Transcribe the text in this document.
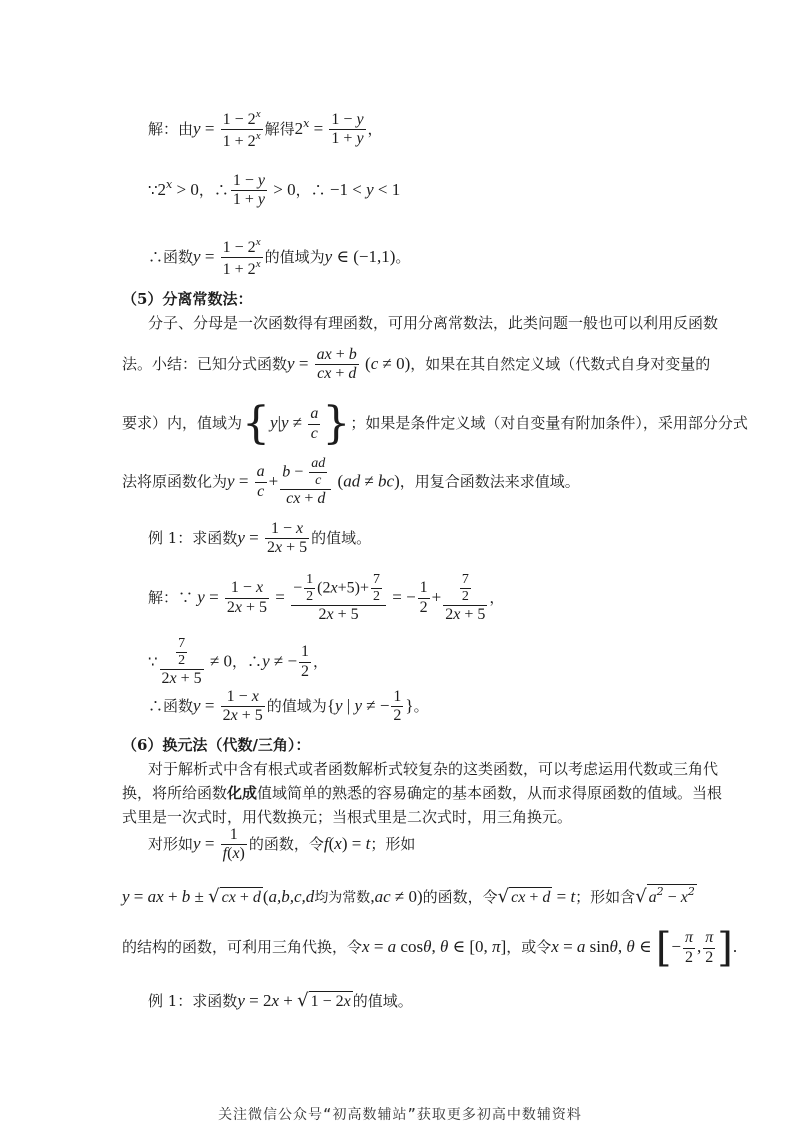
解：由$y = \frac{1 - 2^x}{1 + 2^x}$ 解得$2^x = \frac{1 - y}{1 + y}$ ，
$\because 2^x > 0$，∴ $\frac{1 - y}{1 + y} > 0$，∴ −1 < y < 1
∴函数$y = \frac{1 - 2^x}{1 + 2^x}$ 的值域为y ∈ (−1,1)。
（5）分离常数法：
分子、分母是一次函数得有理函数，可用分离常数法，此类问题一般也可以利用反函数
法。小结：已知分式函数$y = \frac{ax + b}{cx + d} (c \ne 0)$，如果在其自然定义域（代数式自身对变量的
要求）内，值域为{$y|y \ne \frac{a}{c}$ }；如果是条件定义域（对自变量有附加条件），采用部分分式
法将原函数化为$y = \frac{a}{c} + \frac{b - \frac{ad}{c}}{cx + d} (ad \ne bc)$，用复合函数法来求值域。
例 1：求函数$y = \frac{1 - x}{2x + 5}$ 的值域。
解：∵ $y = \frac{1 - x}{2x + 5} = \frac{- \frac{1}{2} (2x+5)+ \frac{7}{2}}{2x + 5}$ = − $\frac{1}{2} + \frac{\frac{7}{2}}{2x + 5}$ ，
∵ $\frac{\frac{7}{2}}{2x + 5} \ne 0$，∴y ≠ − $\frac{1}{2}$ ，
∴函数$y = \frac{1 - x}{2x + 5}$ 的值域为{y | y ≠ − $\frac{1}{2}$ }。
（6）换元法（代数/三角）：
对于解析式中含有根式或者函数解析式较复杂的这类函数，可以考虑运用代数或三角代
换，将所给函数化成值域简单的熟悉的容易确定的基本函数，从而求得原函数的值域。当根
式里是一次式时，用代数换元；当根式里是二次式时，用三角换元。
对形如$y = \frac{1}{f(x)}$ 的函数，令f(x) = t；形如
y = ax + b ± √ cx + d (a,b,c,d均为常数,ac ≠ 0)的函数，令√ cx + d = t；形如含√ $a^2 - x^2$
的结构的函数，可利用三角代换，令x = a cosθ, θ ∈ [0, π]，或令x = a sinθ, θ ∈ [− $\frac{\pi}{2}$ , $\frac{\pi}{2}$ ].
例 1：求函数y = 2x + √ 1 − 2x 的值域。
关注微信公众号“初高数辅站”获取更多初高中数辅资料
